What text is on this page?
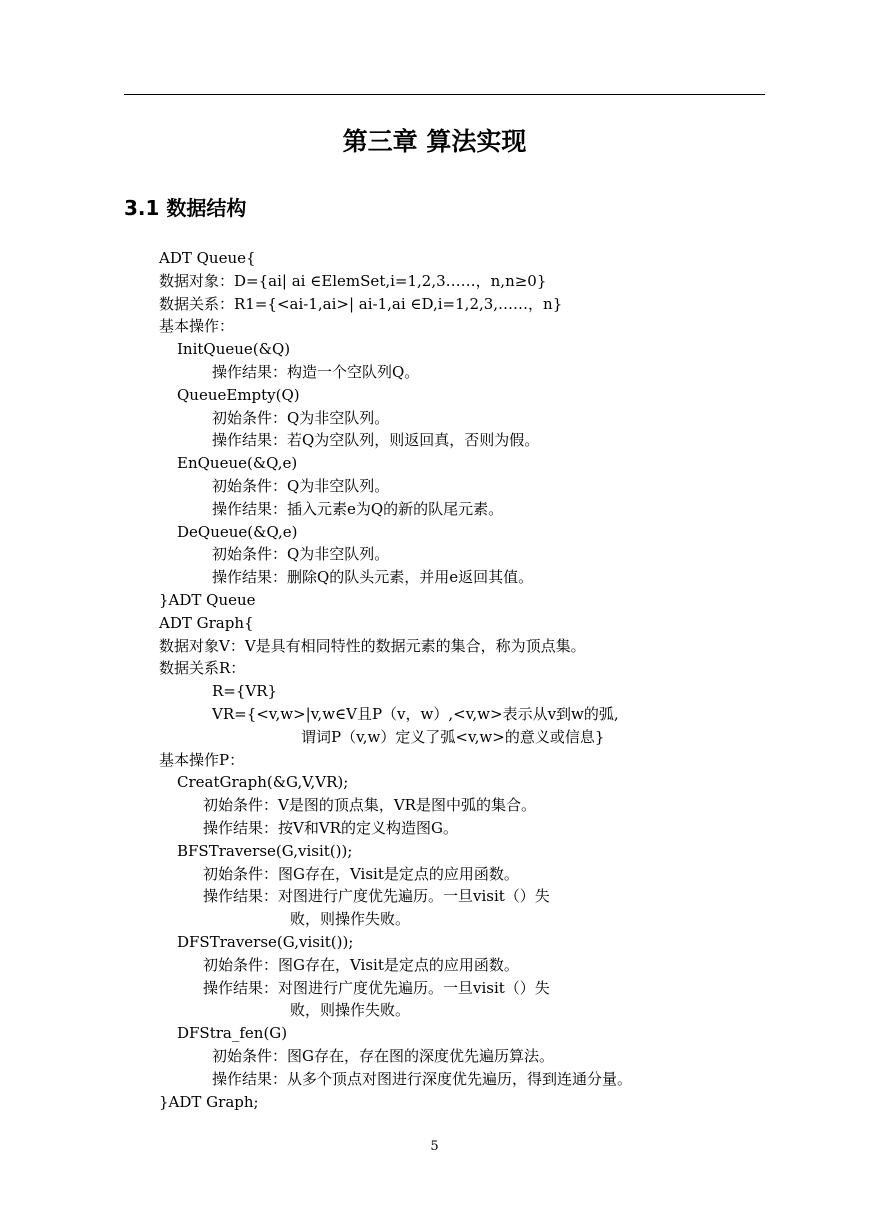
第三章 算法实现
3.1 数据结构
ADT Queue{
数据对象：D={ai| ai ∈ElemSet,i=1,2,3……，n,n≥0}
数据关系：R1={<ai-1,ai>| ai-1,ai ∈D,i=1,2,3,……，n}
基本操作：
InitQueue(&Q)
操作结果：构造一个空队列Q。
QueueEmpty(Q)
初始条件：Q为非空队列。
操作结果：若Q为空队列，则返回真，否则为假。
EnQueue(&Q,e)
初始条件：Q为非空队列。
操作结果：插入元素e为Q的新的队尾元素。
DeQueue(&Q,e)
初始条件：Q为非空队列。
操作结果：删除Q的队头元素，并用e返回其值。
}ADT Queue
ADT Graph{
数据对象V：V是具有相同特性的数据元素的集合，称为顶点集。
数据关系R：
R={VR}
VR={<v,w>|v,w∈V且P（v，w）,<v,w>表示从v到w的弧,
谓词P（v,w）定义了弧<v,w>的意义或信息}
基本操作P：
CreatGraph(&G,V,VR);
初始条件：V是图的顶点集，VR是图中弧的集合。
操作结果：按V和VR的定义构造图G。
BFSTraverse(G,visit());
初始条件：图G存在，Visit是定点的应用函数。
操作结果：对图进行广度优先遍历。一旦visit（）失
败，则操作失败。
DFSTraverse(G,visit());
初始条件：图G存在，Visit是定点的应用函数。
操作结果：对图进行广度优先遍历。一旦visit（）失
败，则操作失败。
DFStra_fen(G)
初始条件：图G存在，存在图的深度优先遍历算法。
操作结果：从多个顶点对图进行深度优先遍历，得到连通分量。
}ADT Graph;
5
